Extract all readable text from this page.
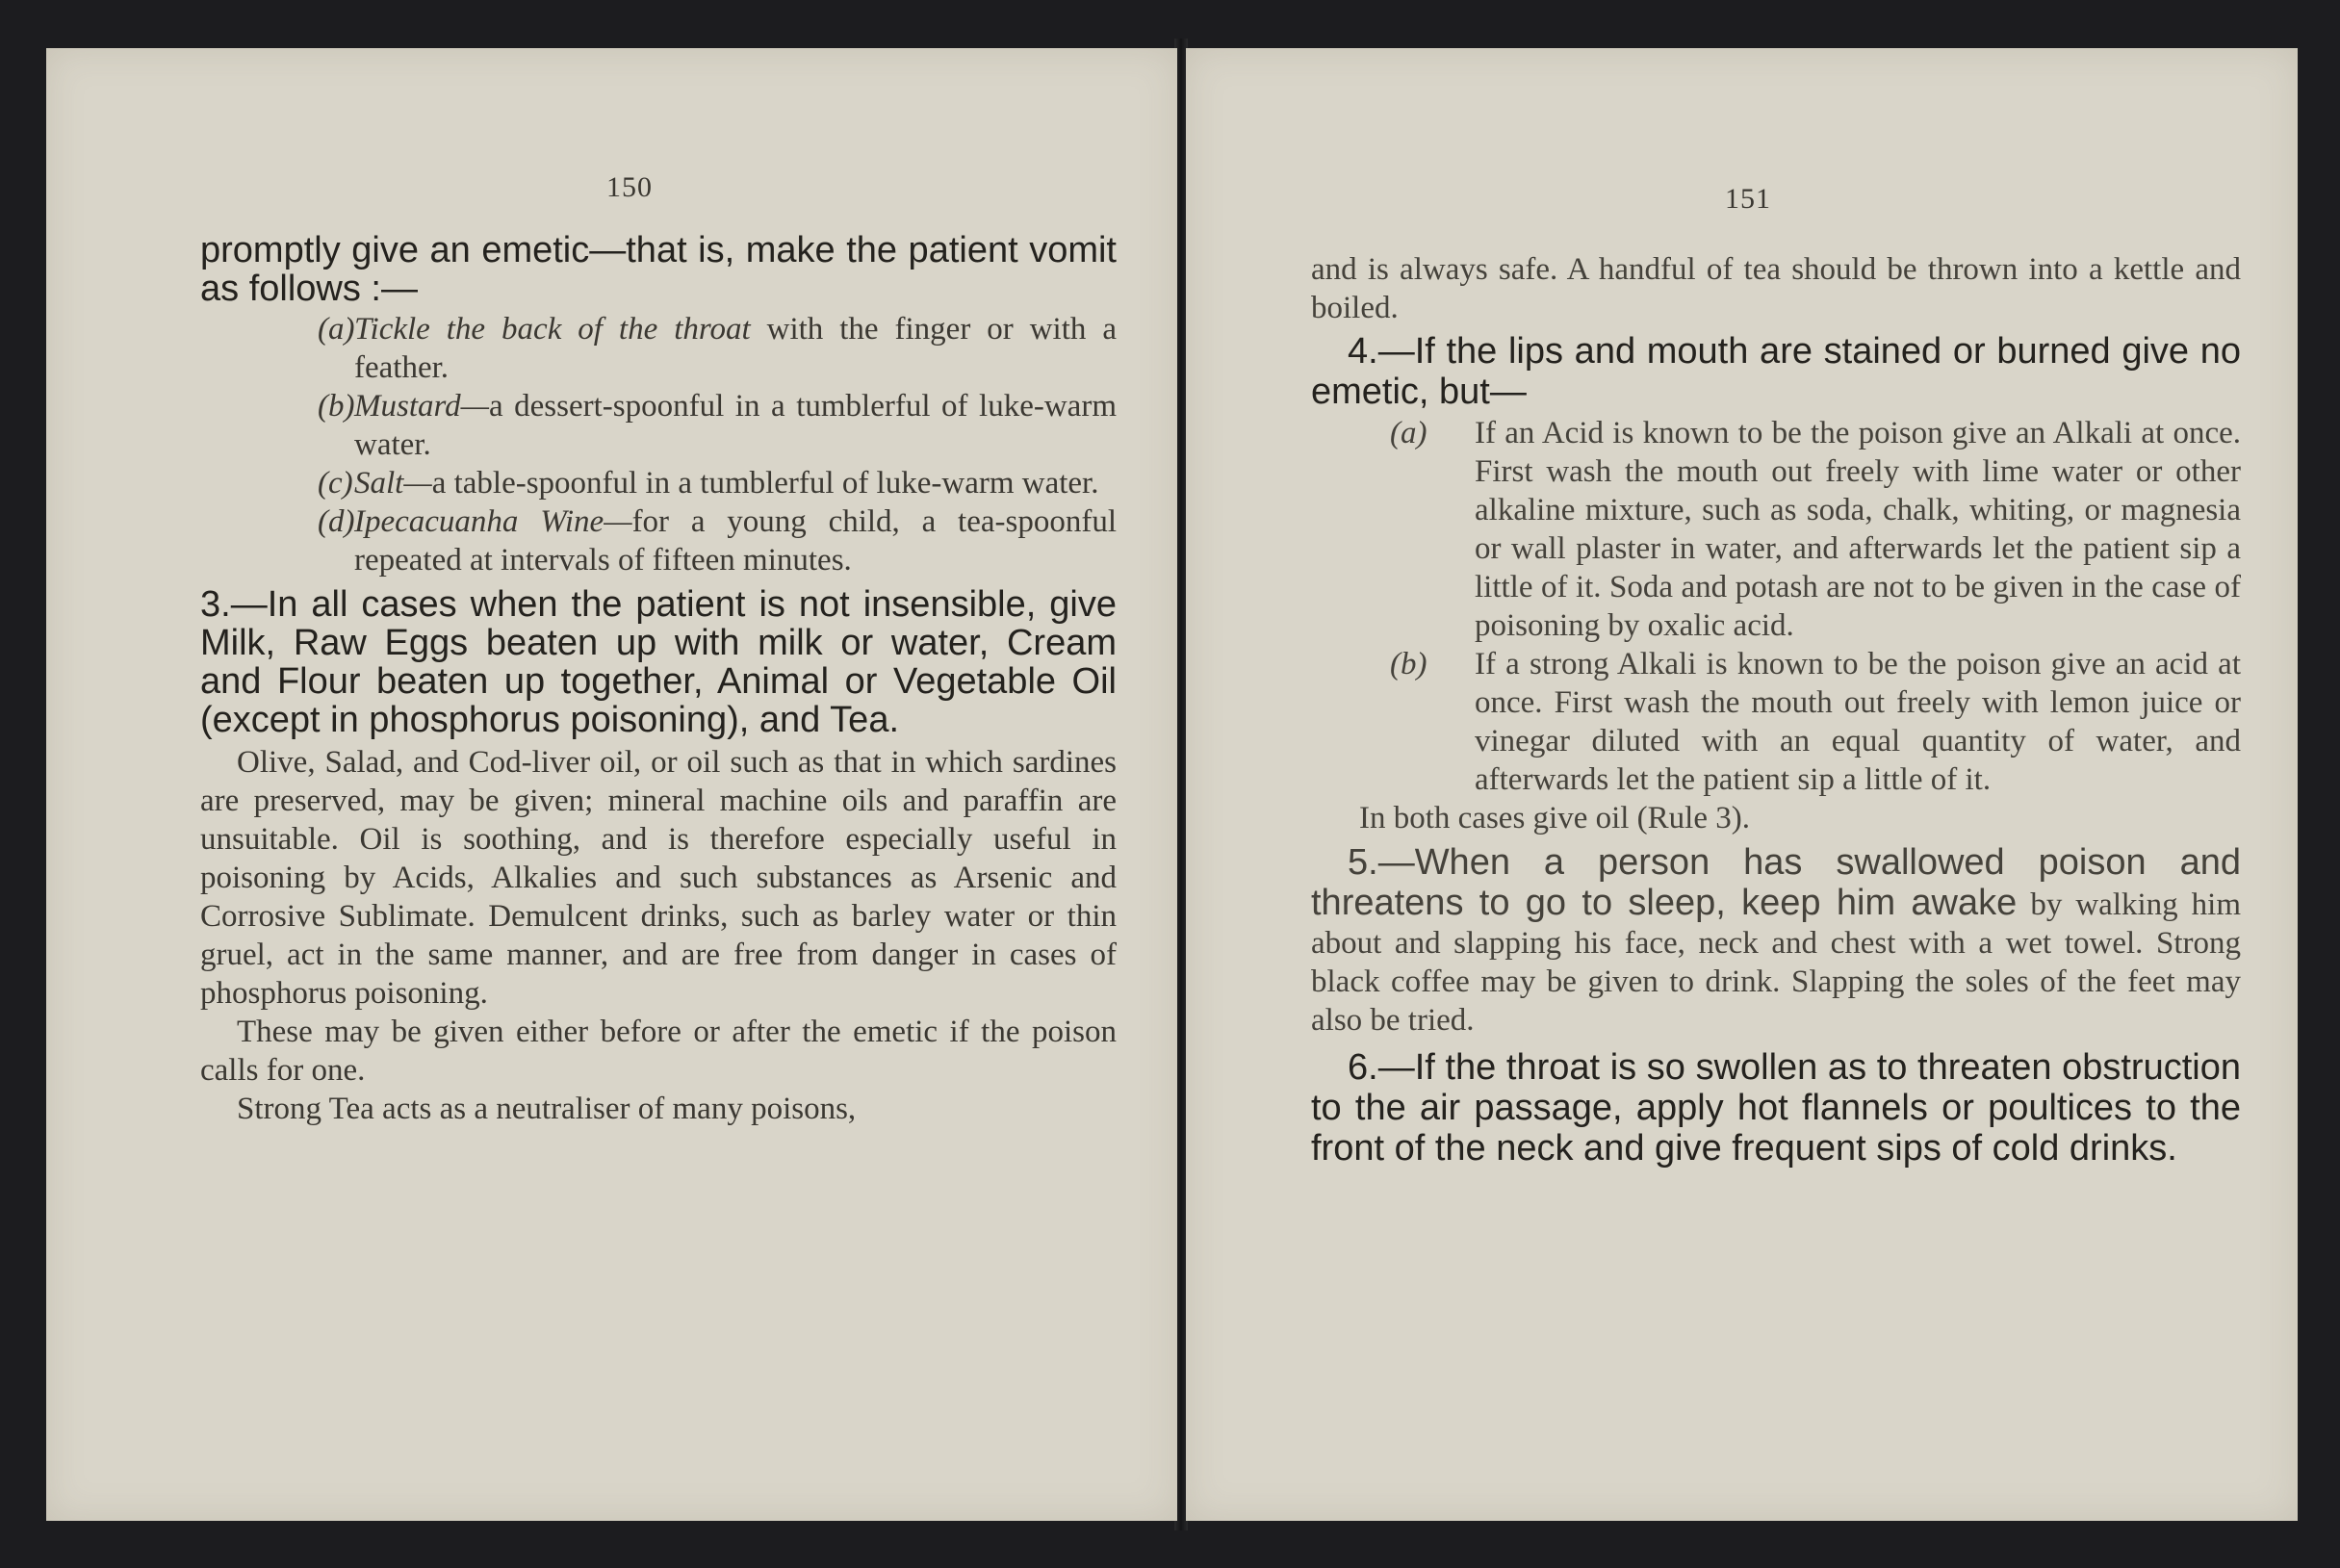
150

promptly give an emetic—that is, make the patient vomit as follows :—

(a) Tickle the back of the throat with the finger or with a feather.

(b) Mustard—a dessert-spoonful in a tumblerful of luke-warm water.

(c) Salt—a table-spoonful in a tumblerful of luke-warm water.

(d) Ipecacuanha Wine—for a young child, a tea-spoonful repeated at intervals of fifteen minutes.

3.—In all cases when the patient is not insensible, give Milk, Raw Eggs beaten up with milk or water, Cream and Flour beaten up together, Animal or Vegetable Oil (except in phosphorus poisoning), and Tea.

Olive, Salad, and Cod-liver oil, or oil such as that in which sardines are preserved, may be given; mineral machine oils and paraffin are unsuitable. Oil is soothing, and is therefore especially useful in poisoning by Acids, Alkalies and such substances as Arsenic and Corrosive Sublimate. Demulcent drinks, such as barley water or thin gruel, act in the same manner, and are free from danger in cases of phosphorus poisoning.

These may be given either before or after the emetic if the poison calls for one.

Strong Tea acts as a neutraliser of many poisons,

151

and is always safe. A handful of tea should be thrown into a kettle and boiled.

4.—If the lips and mouth are stained or burned give no emetic, but—

(a) If an Acid is known to be the poison give an Alkali at once. First wash the mouth out freely with lime water or other alkaline mixture, such as soda, chalk, whiting, or magnesia or wall plaster in water, and afterwards let the patient sip a little of it. Soda and potash are not to be given in the case of poisoning by oxalic acid.

(b) If a strong Alkali is known to be the poison give an acid at once. First wash the mouth out freely with lemon juice or vinegar diluted with an equal quantity of water, and afterwards let the patient sip a little of it.

In both cases give oil (Rule 3).

5.—When a person has swallowed poison and threatens to go to sleep, keep him awake by walking him about and slapping his face, neck and chest with a wet towel. Strong black coffee may be given to drink. Slapping the soles of the feet may also be tried.

6.—If the throat is so swollen as to threaten obstruction to the air passage, apply hot flannels or poultices to the front of the neck and give frequent sips of cold drinks.
